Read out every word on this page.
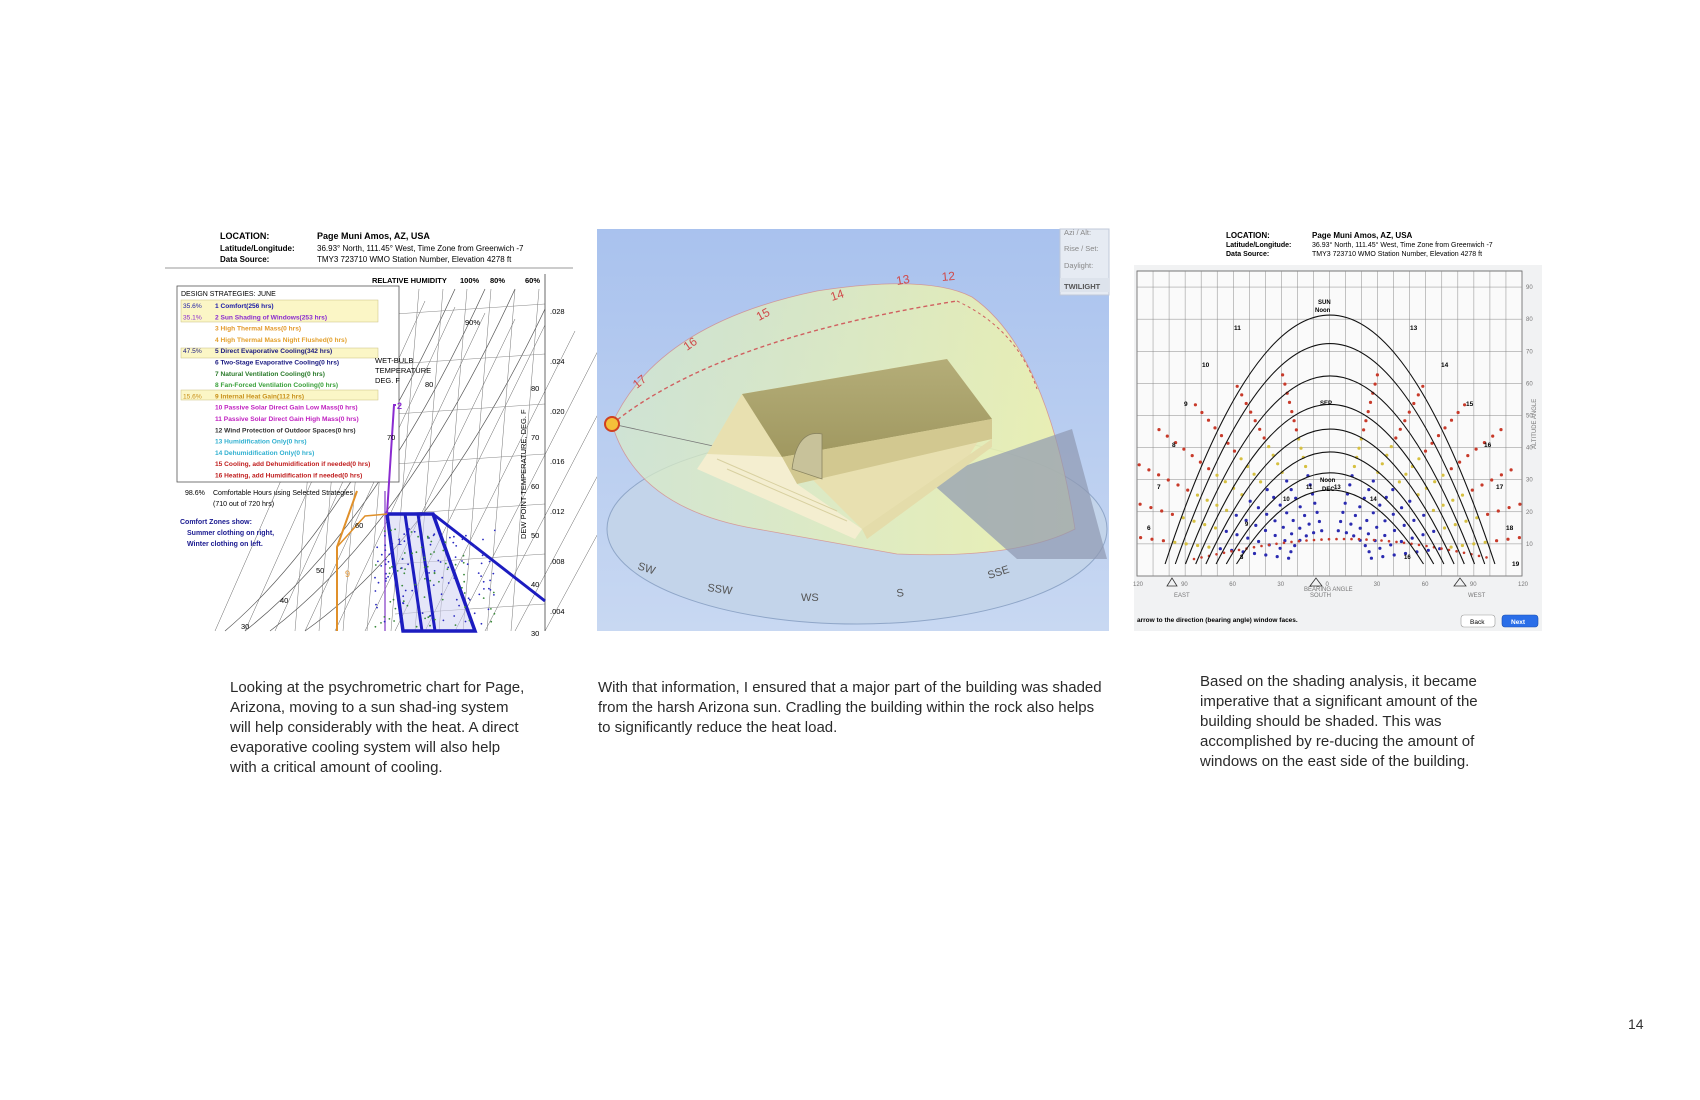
LOCATION:	Page Muni Amos, AZ, USA
Latitude/Longitude:	36.93° North, 111.45° West, Time Zone from Greenwich -7
Data Source:	TMY3 723710 WMO Station Number, Elevation 4278 ft
RELATIVE HUMIDITY 100% 80%	60%
90%
.028
.024
.020
.016
.012
.008
.004
80
70
60
50
40
30
DEW POINT TEMPERATURE, DEG. F
DESIGN STRATEGIES: JUNE
35.6% 1 Comfort(256 hrs)
35.1% 2 Sun Shading of Windows(253 hrs)
3 High Thermal Mass(0 hrs)
4 High Thermal Mass Night Flushed(0 hrs)
47.5% 5 Direct Evaporative Cooling(342 hrs)
6 Two-Stage Evaporative Cooling(0 hrs)
7 Natural Ventilation Cooling(0 hrs)
8 Fan-Forced Ventilation Cooling(0 hrs)
15.6% 9 Internal Heat Gain(112 hrs)
10 Passive Solar Direct Gain Low Mass(0 hrs)
11 Passive Solar Direct Gain High Mass(0 hrs)
12 Wind Protection of Outdoor Spaces(0 hrs)
13 Humidification Only(0 hrs)
14 Dehumidification Only(0 hrs)
15 Cooling, add Dehumidification if needed(0 hrs)
16 Heating, add Humidification if needed(0 hrs)
98.6% Comfortable Hours using Selected Strategies
(710 out of 720 hrs)
Comfort Zones show:
Summer clothing on right,
Winter clothing on left.
WET-BULB
TEMPERATURE
DEG. F
2
1
9
80
70
60
50
40
30
17
16
15
14
13	12
WS
SSW
SW
S
SSE
Azi / Alt:
Rise / Set:
Daylight:
TWILIGHT
LOCATION:	Page Muni Amos, AZ, USA
Latitude/Longitude:	36.93° North, 111.45° West, Time Zone from Greenwich -7
Data Source:	TMY3 723710 WMO Station Number, Elevation 4278 ft
SUN
Noon
SEP
Noon
DEC
90
80
70
60
50
40
30
20
10
ALTITUDE ANGLE
120	90	60	30	0	30	60	90	120
EAST	SOUTH	WEST
BEARING ANGLE
6
7
8
9
10
11	13
14
15
16
17
18
19
8
9
10
11	13
14
16
arrow to the direction (bearing angle) window faces.	Back	Next

Looking at the psychrometric chart for Page, Arizona, moving to a sun shad-ing system will help considerably with the heat. A direct evaporative cooling system will also help with a critical amount of cooling.

With that information, I ensured that a major part of the building was shaded from the harsh Arizona sun. Cradling the building within the rock also helps to significantly reduce the heat load.

Based on the shading analysis, it became imperative that a significant amount of the building should be shaded. This was accomplished by re-ducing the amount of windows on the east side of the building.

14
